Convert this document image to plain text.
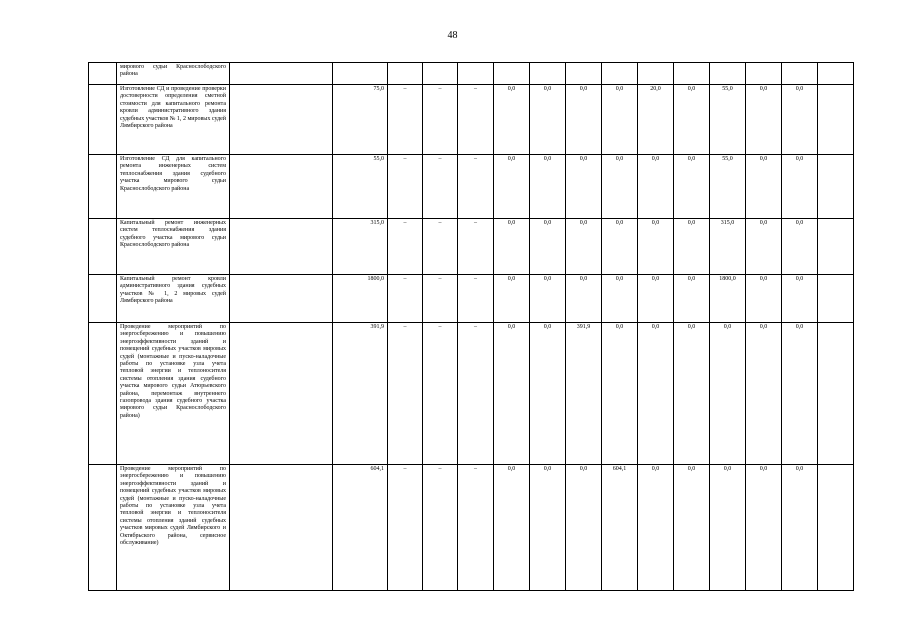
48
	мирового судьи Краснослободского района															
	Изготовление СД и проведение проверки достоверности определения сметной стоимости для капитального ремонта кровли административного здания судебных участков № 1, 2 мировых судей Лямбирского района		75,0	–	–	–	0,0	0,0	0,0	0,0	20,0	0,0	55,0	0,0	0,0	
	Изготовление СД для капитального ремонта инженерных систем теплоснабжения здания судебного участка мирового судьи Краснослободского района		55,0	–	–	–	0,0	0,0	0,0	0,0	0,0	0,0	55,0	0,0	0,0	
	Капитальный ремонт инженерных систем теплоснабжения здания судебного участка мирового судьи Краснослободского района		315,0	–	–	–	0,0	0,0	0,0	0,0	0,0	0,0	315,0	0,0	0,0	
	Капитальный ремонт кровли административного здания судебных участков № 1, 2 мировых судей Лямбирского района		1800,0	–	–	–	0,0	0,0	0,0	0,0	0,0	0,0	1800,0	0,0	0,0	
	Проведение мероприятий по энергосбережению и повышению энергоэффективности зданий и помещений судебных участков мировых судей (монтажные и пуско-наладочные работы по установке узла учета тепловой энергии и теплоносителя системы отопления здания судебного участка мирового судьи Атюрьевского района, перемонтаж внутреннего газопровода здания судебного участка мирового судьи Краснослободского района)		391,9	–	–	–	0,0	0,0	391,9	0,0	0,0	0,0	0,0	0,0	0,0	
	Проведение мероприятий по энергосбережению и повышению энергоэффективности зданий и помещений судебных участков мировых судей (монтажные и пуско-наладочные работы по установке узла учета тепловой энергии и теплоносителя системы отопления зданий судебных участков мировых судей Лямбирского и Октябрьского района, сервисное обслуживание)		604,1	–	–	–	0,0	0,0	0,0	604,1	0,0	0,0	0,0	0,0	0,0	
